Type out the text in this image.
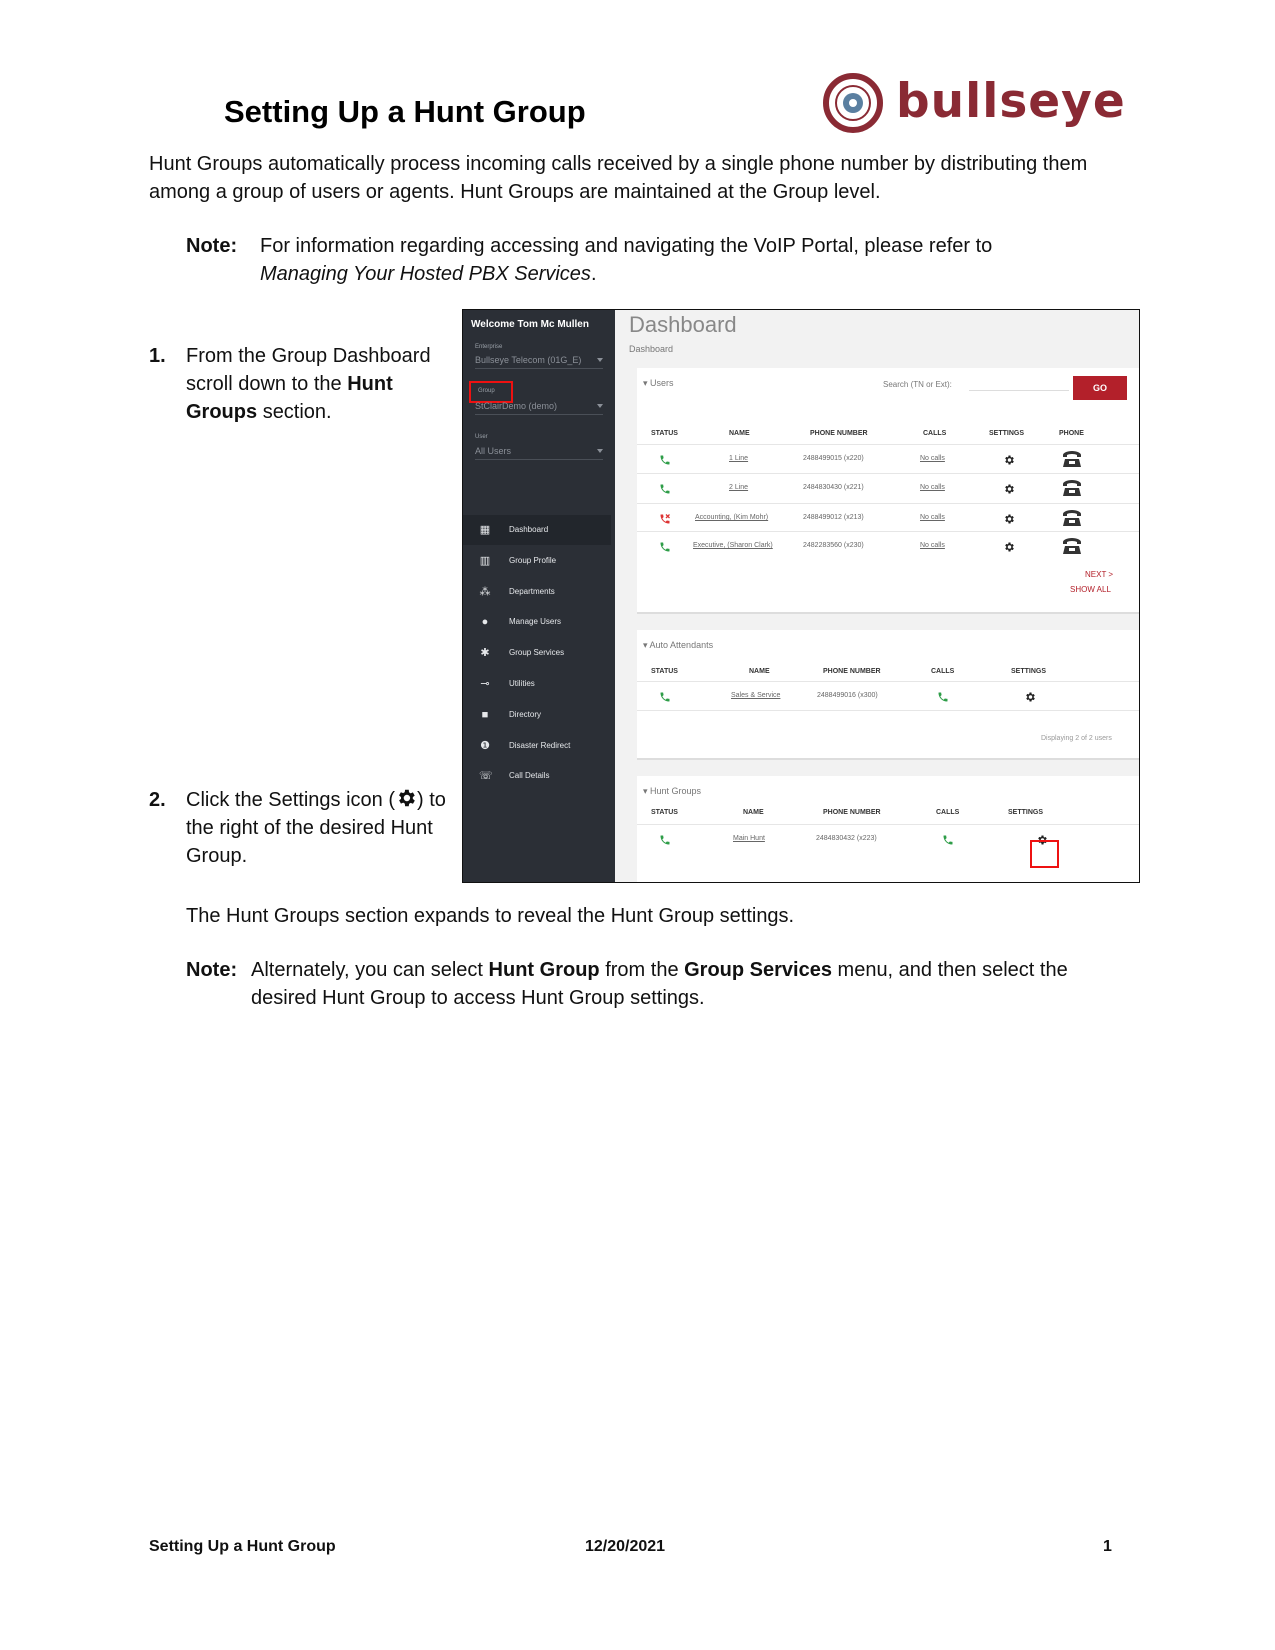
Setting Up a Hunt Group	bullseye
Hunt Groups automatically process incoming calls received by a single phone number by distributing them among a group of users or agents. Hunt Groups are maintained at the Group level.
Note: For information regarding accessing and navigating the VoIP Portal, please refer to
Managing Your Hosted PBX Services.
1. From the Group Dashboard scroll down to the Hunt Groups section.
2. Click the Settings icon ( ) to the right of the desired Hunt Group.
Welcome Tom Mc Mullen
Enterprise
Bullseye Telecom (01G_E)
Group
StClairDemo (demo)
User
All Users
▦ Dashboard
▥ Group Profile
⁂ Departments
●	Manage Users
✱ Group Services
⊸ Utilities
■	Directory
❶ Disaster Redirect
☏ Call Details
Dashboard
Dashboard
▾ Users	Search (TN or Ext):	GO
STATUS	NAME	PHONE NUMBER	CALLS	SETTINGS	PHONE
1 Line	2488499015 (x220)	No calls
2 Line	2484830430 (x221)	No calls
Accounting, (Kim Mohr)	2488499012 (x213)	No calls
Executive, (Sharon Clark)	2482283560 (x230)	No calls
NEXT >
SHOW ALL
▾ Auto Attendants
STATUS	NAME	PHONE NUMBER	CALLS	SETTINGS
Sales & Service	2488499016 (x300)
Displaying 2 of 2 users
▾ Hunt Groups
STATUS	NAME	PHONE NUMBER	CALLS	SETTINGS
Main Hunt	2484830432 (x223)
The Hunt Groups section expands to reveal the Hunt Group settings.
Note: Alternately, you can select Hunt Group from the Group Services menu, and then select the desired Hunt Group to access Hunt Group settings.
Setting Up a Hunt Group	12/20/2021	1
